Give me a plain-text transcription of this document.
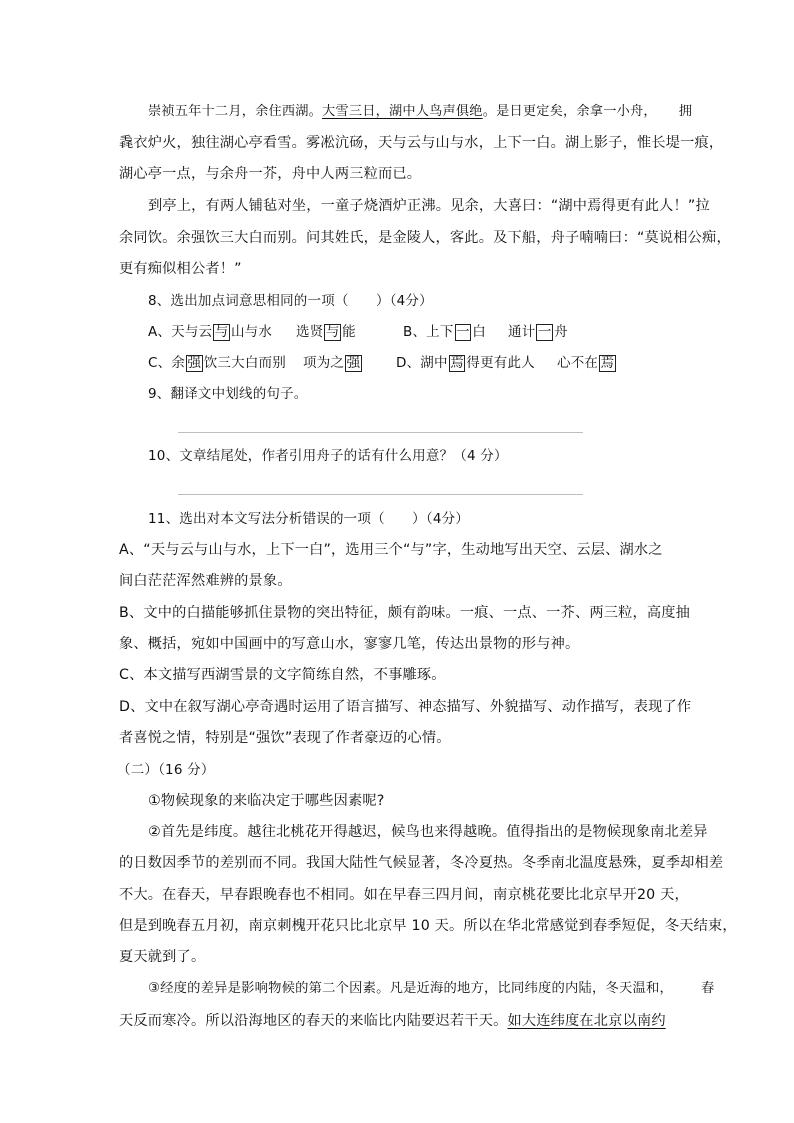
崇祯五年十二月，余住西湖。大雪三日，湖中人鸟声俱绝。是日更定矣，余拿一小舟， 拥
毳衣炉火，独往湖心亭看雪。雾凇沆砀，天与云与山与水，上下一白。湖上影子，惟长堤一痕，
湖心亭一点，与余舟一芥，舟中人两三粒而已。
到亭上，有两人铺毡对坐，一童子烧酒炉正沸。见余，大喜曰：“湖中焉得更有此人！”拉
余同饮。余强饮三大白而别。问其姓氏，是金陵人，客此。及下船，舟子喃喃曰：“莫说相公痴，
更有痴似相公者！”
8、选出加点词意思相同的一项（　　）（4分）
A、天与云 与 山与水 选贤 与 能	B、上下 一 白 通计 一 舟
C、余 强 饮三大白而别 项为之 强	D、湖中 焉 得更有此人 心不在 焉
9、翻译文中划线的句子。
10、文章结尾处，作者引用舟子的话有什么用意？（4 分）
11、选出对本文写法分析错误的一项（　　）（4分）
A、“天与云与山与水，上下一白”，选用三个“与”字，生动地写出天空、云层、湖水之
间白茫茫浑然难辨的景象。
B、文中的白描能够抓住景物的突出特征，颇有韵味。一痕、一点、一芥、两三粒，高度抽
象、概括，宛如中国画中的写意山水，寥寥几笔，传达出景物的形与神。
C、本文描写西湖雪景的文字简练自然，不事雕琢。
D、文中在叙写湖心亭奇遇时运用了语言描写、神态描写、外貌描写、动作描写，表现了作
者喜悦之情，特别是“强饮”表现了作者豪迈的心情。
（二）（16 分）
①物候现象的来临决定于哪些因素呢?
②首先是纬度。越往北桃花开得越迟，候鸟也来得越晚。值得指出的是物候现象南北差异
的日数因季节的差别而不同。我国大陆性气候显著，冬冷夏热。冬季南北温度悬殊，夏季却相差
不大。在春天，早春跟晚春也不相同。如在早春三四月间，南京桃花要比北京早开20 天，
但是到晚春五月初，南京刺槐开花只比北京早 10 天。所以在华北常感觉到春季短促，冬天结束，
夏天就到了。
③经度的差异是影响物候的第二个因素。凡是近海的地方，比同纬度的内陆，冬天温和， 春
天反而寒冷。所以沿海地区的春天的来临比内陆要迟若干天。如大连纬度在北京以南约
